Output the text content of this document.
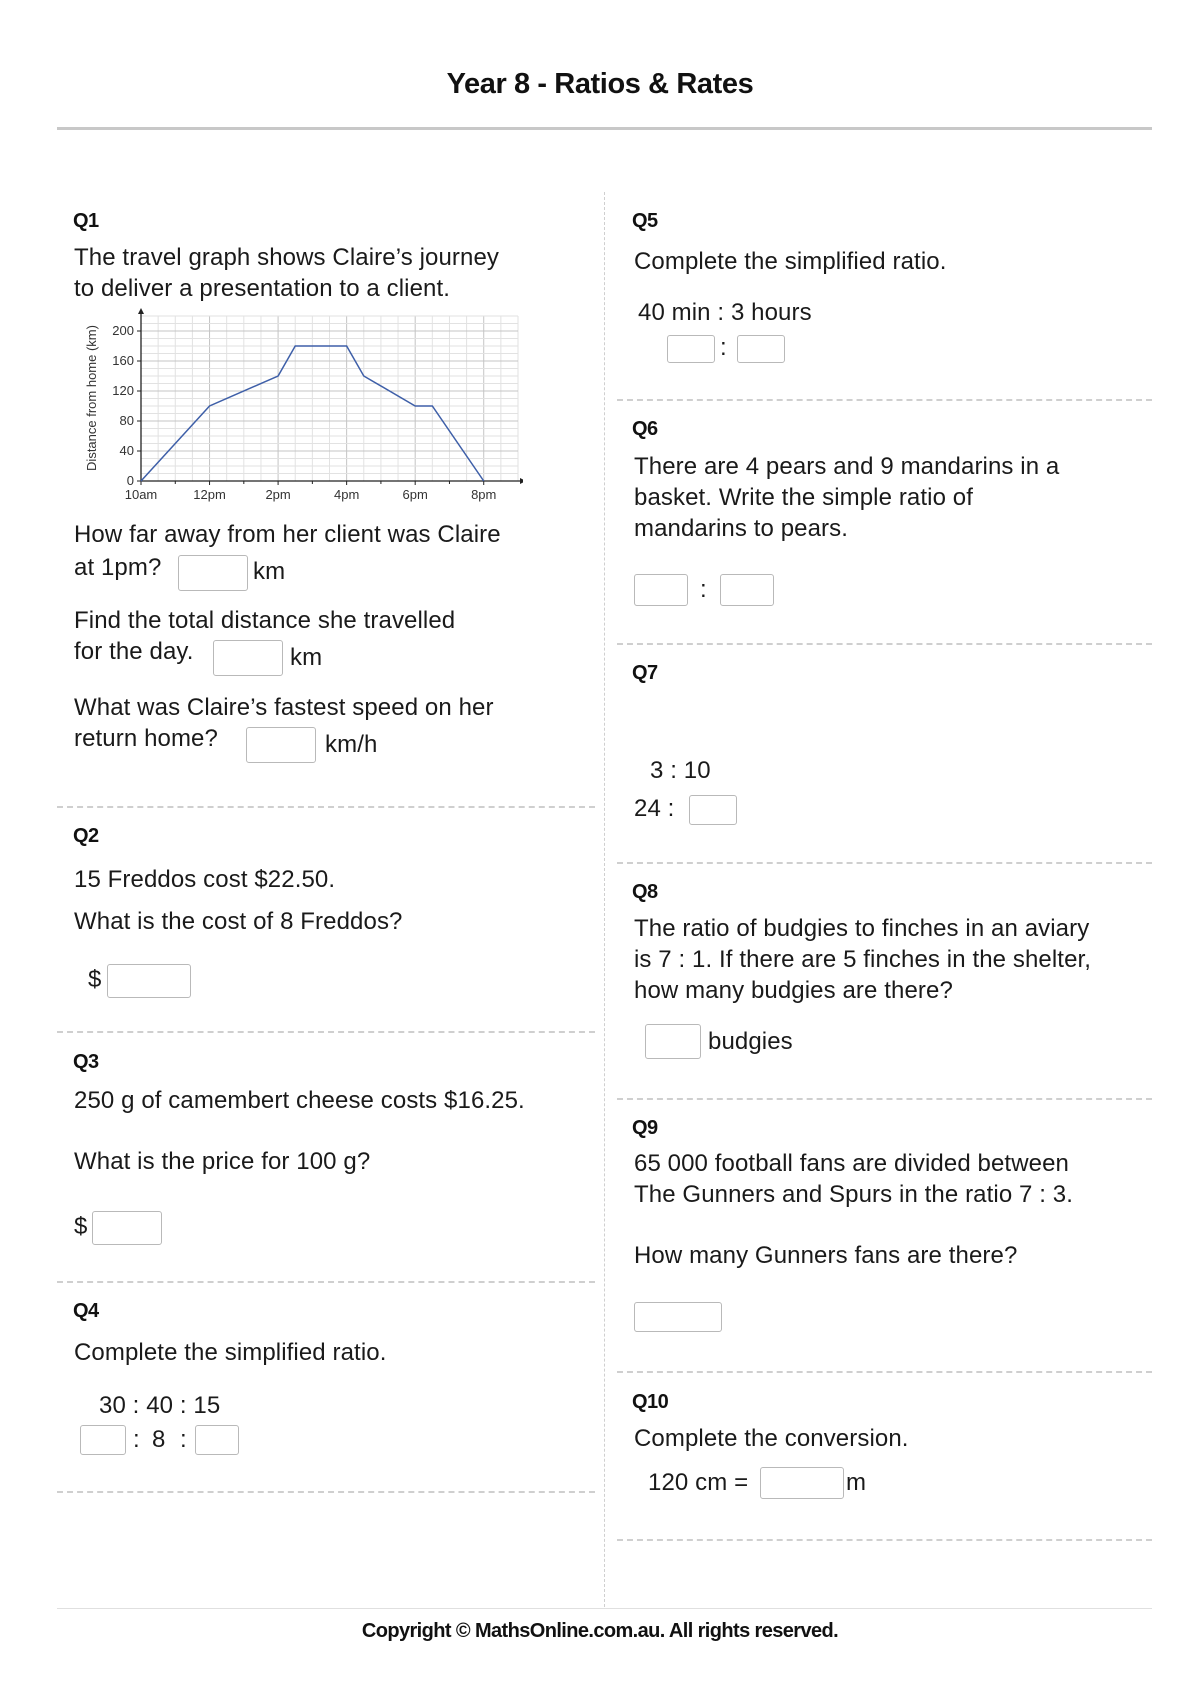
Year 8 - Ratios & Rates
Q1
The travel graph shows Claire’s journey
to deliver a presentation to a client.
0
40
80
120
160
200
10am	12pm	2pm	4pm	6pm	8pm
Distance from home (km)
How far away from her client was Claire
at 1pm?	km
Find the total distance she travelled
for the day.	km
What was Claire’s fastest speed on her
return home?	km/h
Q2
15 Freddos cost $22.50.
What is the cost of 8 Freddos?
$
Q3
250 g of camembert cheese costs $16.25.
What is the price for 100 g?
$
Q4
Complete the simplified ratio.
30 : 40 : 15
: 8 :
Q5
Complete the simplified ratio.
40 min : 3 hours
:
Q6
There are 4 pears and 9 mandarins in a
basket. Write the simple ratio of
mandarins to pears.
:
Q7
3 : 10
24 :
Q8
The ratio of budgies to finches in an aviary
is 7 : 1. If there are 5 finches in the shelter,
how many budgies are there?
budgies
Q9
65 000 football fans are divided between
The Gunners and Spurs in the ratio 7 : 3.
How many Gunners fans are there?
Q10
Complete the conversion.
120 cm =	m
Copyright © MathsOnline.com.au. All rights reserved.
